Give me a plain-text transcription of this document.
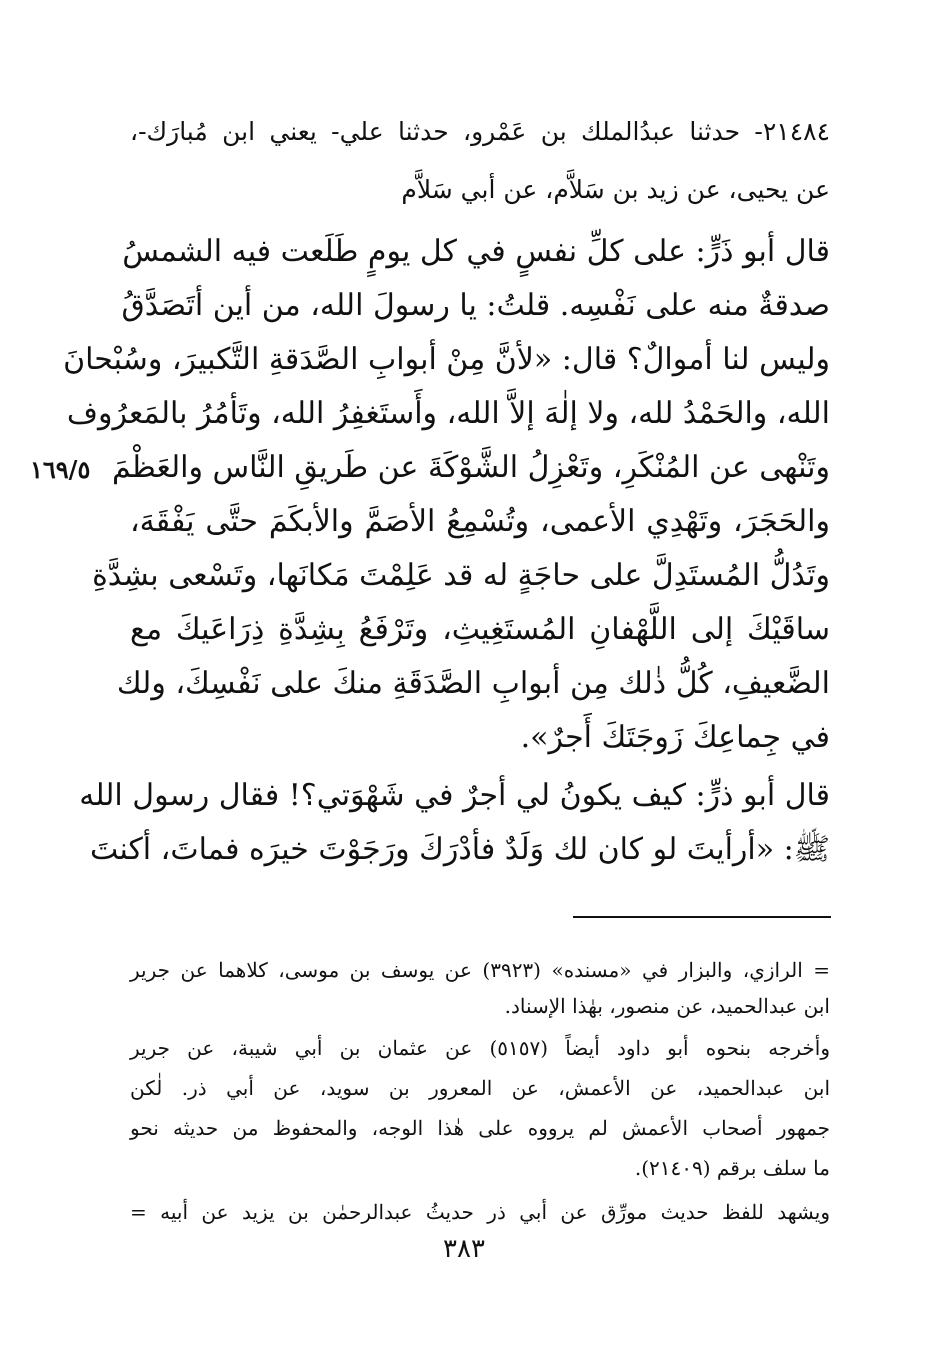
٢١٤٨٤- حدثنا عبدُالملك بن عَمْرو، حدثنا علي- يعني ابن مُبارَك-،
عن يحيى، عن زيد بن سَلاَّم، عن أبي سَلاَّم
قال أبو ذَرٍّ: على كلِّ نفسٍ في كل يومٍ طَلَعت فيه الشمسُ
صدقةٌ منه على نَفْسِه. قلتُ: يا رسولَ الله، من أين أتَصَدَّقُ
وليس لنا أموالٌ؟ قال: «لأنَّ مِنْ أبوابِ الصَّدَقةِ التَّكبيرَ، وسُبْحانَ
الله، والحَمْدُ لله، ولا إلٰهَ إلاَّ الله، وأَستَغفِرُ الله، وتَأمُرُ بالمَعرُوف
وتَنْهى عن المُنْكَرِ، وتَعْزِلُ الشَّوْكَةَ عن طَريقِ النَّاس والعَظْمَ
والحَجَرَ، وتَهْدِي الأعمى، وتُسْمِعُ الأصَمَّ والأبكَمَ حتَّى يَفْقَهَ،
وتَدُلُّ المُستَدِلَّ على حاجَةٍ له قد عَلِمْتَ مَكانَها، وتَسْعى بشِدَّةِ
ساقَيْكَ إلى اللَّهْفانِ المُستَغِيثِ، وتَرْفَعُ بِشِدَّةِ ذِرَاعَيكَ مع
الضَّعيفِ، كُلُّ ذٰلك مِن أبوابِ الصَّدَقَةِ منكَ على نَفْسِكَ، ولك
في جِماعِكَ زَوجَتَكَ أَجرٌ».
قال أبو ذرٍّ: كيف يكونُ لي أجرٌ في شَهْوَتي؟! فقال رسول الله
ﷺ: «أرأيتَ لو كان لك وَلَدٌ فأدْرَكَ ورَجَوْتَ خيرَه فماتَ، أكنتَ
١٦٩/٥
= الرازي، والبزار في «مسنده» (٣٩٢٣) عن يوسف بن موسى، كلاهما عن جرير
ابن عبدالحميد، عن منصور، بهٰذا الإسناد.
وأخرجه بنحوه أبو داود أيضاً (٥١٥٧) عن عثمان بن أبي شيبة، عن جرير
ابن عبدالحميد، عن الأعمش، عن المعرور بن سويد، عن أبي ذر. لٰكن
جمهور أصحاب الأعمش لم يرووه على هٰذا الوجه، والمحفوظ من حديثه نحو
ما سلف برقم (٢١٤٠٩).
ويشهد للفظ حديث مورِّق عن أبي ذر حديثُ عبدالرحمٰن بن يزيد عن أبيه =
٣٨٣
